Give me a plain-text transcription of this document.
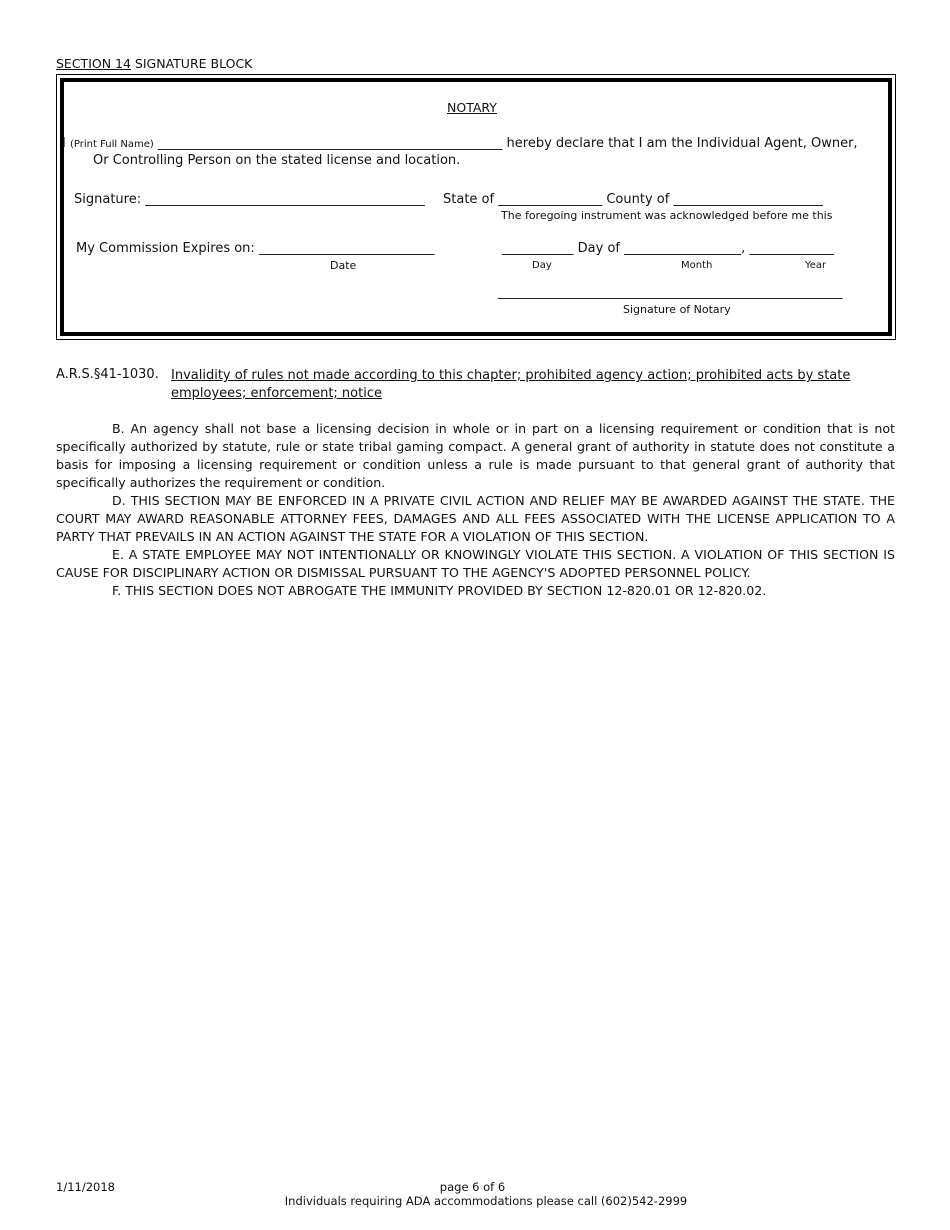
SECTION 14 SIGNATURE BLOCK
NOTARY
I (Print Full Name) _____________________________________________________ hereby declare that I am the Individual Agent, Owner,
Or Controlling Person on the stated license and location.
Signature: ___________________________________________ State of ________________ County of _______________________
The foregoing instrument was acknowledged before me this
My Commission Expires on: ___________________________
Date
___________ Day of __________________, _____________
Day	Month	Year
_____________________________________________________
Signature of Notary
A.R.S.§41-1030. Invalidity of rules not made according to this chapter; prohibited agency action; prohibited acts by state employees; enforcement; notice

B. An agency shall not base a licensing decision in whole or in part on a licensing requirement or condition that is not specifically authorized by statute, rule or state tribal gaming compact. A general grant of authority in statute does not constitute a basis for imposing a licensing requirement or condition unless a rule is made pursuant to that general grant of authority that specifically authorizes the requirement or condition.

D. THIS SECTION MAY BE ENFORCED IN A PRIVATE CIVIL ACTION AND RELIEF MAY BE AWARDED AGAINST THE STATE. THE COURT MAY AWARD REASONABLE ATTORNEY FEES, DAMAGES AND ALL FEES ASSOCIATED WITH THE LICENSE APPLICATION TO A PARTY THAT PREVAILS IN AN ACTION AGAINST THE STATE FOR A VIOLATION OF THIS SECTION.

E. A STATE EMPLOYEE MAY NOT INTENTIONALLY OR KNOWINGLY VIOLATE THIS SECTION. A VIOLATION OF THIS SECTION IS CAUSE FOR DISCIPLINARY ACTION OR DISMISSAL PURSUANT TO THE AGENCY'S ADOPTED PERSONNEL POLICY.

F. THIS SECTION DOES NOT ABROGATE THE IMMUNITY PROVIDED BY SECTION 12-820.01 OR 12-820.02.

1/11/2018	page 6 of 6
Individuals requiring ADA accommodations please call (602)542-2999
